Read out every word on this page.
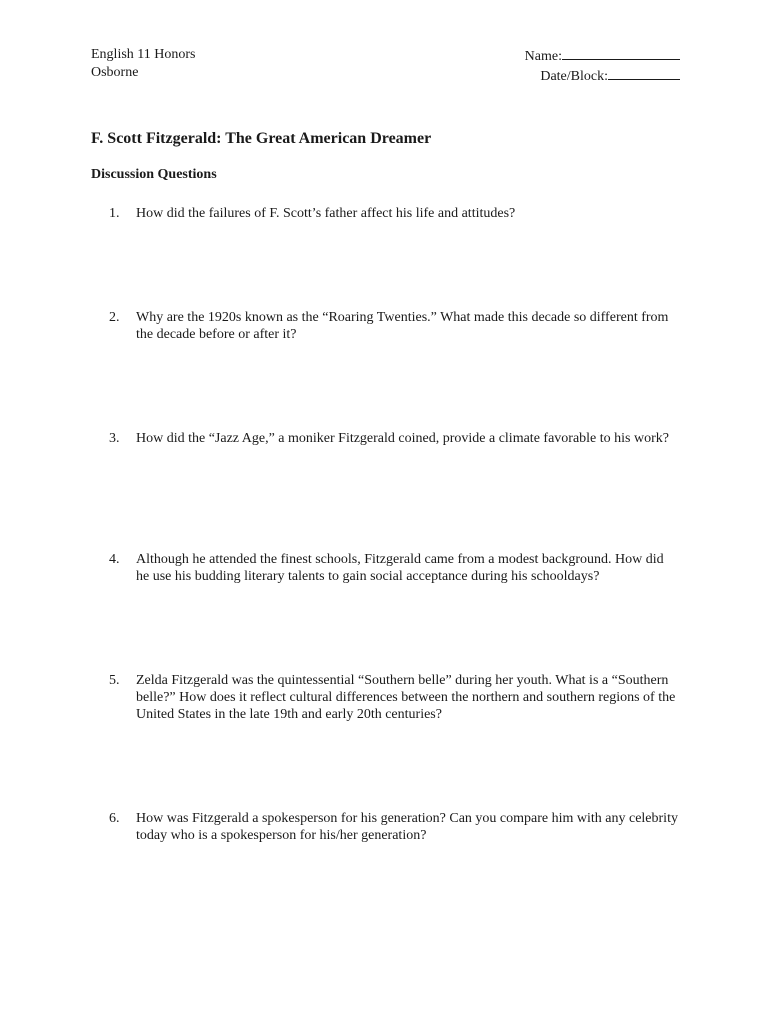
English 11 Honors
Osborne
Name:
Date/Block:
F. Scott Fitzgerald: The Great American Dreamer
Discussion Questions
1.	How did the failures of F. Scott’s father affect his life and attitudes?
2.	Why are the 1920s known as the “Roaring Twenties.” What made this decade so different from the decade before or after it?
3.	How did the “Jazz Age,” a moniker Fitzgerald coined, provide a climate favorable to his work?
4.	Although he attended the finest schools, Fitzgerald came from a modest background. How did he use his budding literary talents to gain social acceptance during his schooldays?
5.	Zelda Fitzgerald was the quintessential “Southern belle” during her youth. What is a “Southern belle?” How does it reflect cultural differences between the northern and southern regions of the United States in the late 19th and early 20th centuries?
6.	How was Fitzgerald a spokesperson for his generation? Can you compare him with any celebrity today who is a spokesperson for his/her generation?
